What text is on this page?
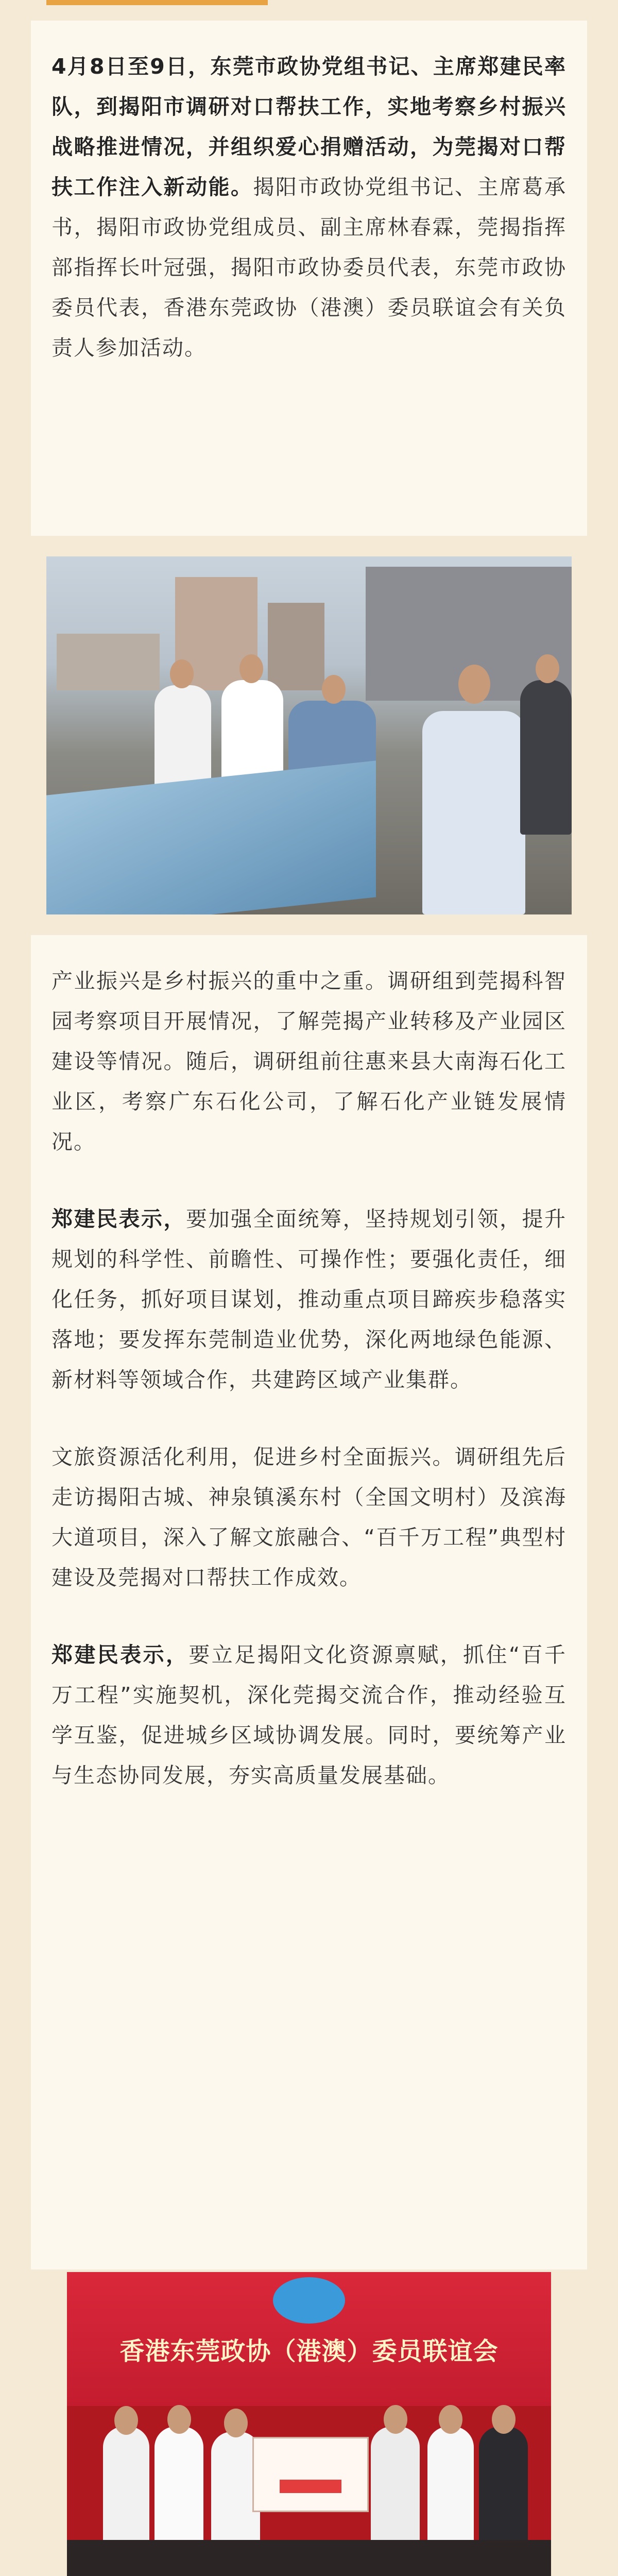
4月8日至9日，东莞市政协党组书记、主席郑建民率队，到揭阳市调研对口帮扶工作，实地考察乡村振兴战略推进情况，并组织爱心捐赠活动，为莞揭对口帮扶工作注入新动能。揭阳市政协党组书记、主席葛承书，揭阳市政协党组成员、副主席林春霖，莞揭指挥部指挥长叶冠强，揭阳市政协委员代表，东莞市政协委员代表，香港东莞政协（港澳）委员联谊会有关负责人参加活动。

产业振兴是乡村振兴的重中之重。调研组到莞揭科智园考察项目开展情况，了解莞揭产业转移及产业园区建设等情况。随后，调研组前往惠来县大南海石化工业区，考察广东石化公司，了解石化产业链发展情况。

郑建民表示，要加强全面统筹，坚持规划引领，提升规划的科学性、前瞻性、可操作性；要强化责任，细化任务，抓好项目谋划，推动重点项目蹄疾步稳落实落地；要发挥东莞制造业优势，深化两地绿色能源、新材料等领域合作，共建跨区域产业集群。

文旅资源活化利用，促进乡村全面振兴。调研组先后走访揭阳古城、神泉镇溪东村（全国文明村）及滨海大道项目，深入了解文旅融合、“百千万工程”典型村建设及莞揭对口帮扶工作成效。

郑建民表示，要立足揭阳文化资源禀赋，抓住“百千万工程”实施契机，深化莞揭交流合作，推动经验互学互鉴，促进城乡区域协调发展。同时，要统筹产业与生态协同发展，夯实高质量发展基础。

香港东莞政协（港澳）委员联谊会
